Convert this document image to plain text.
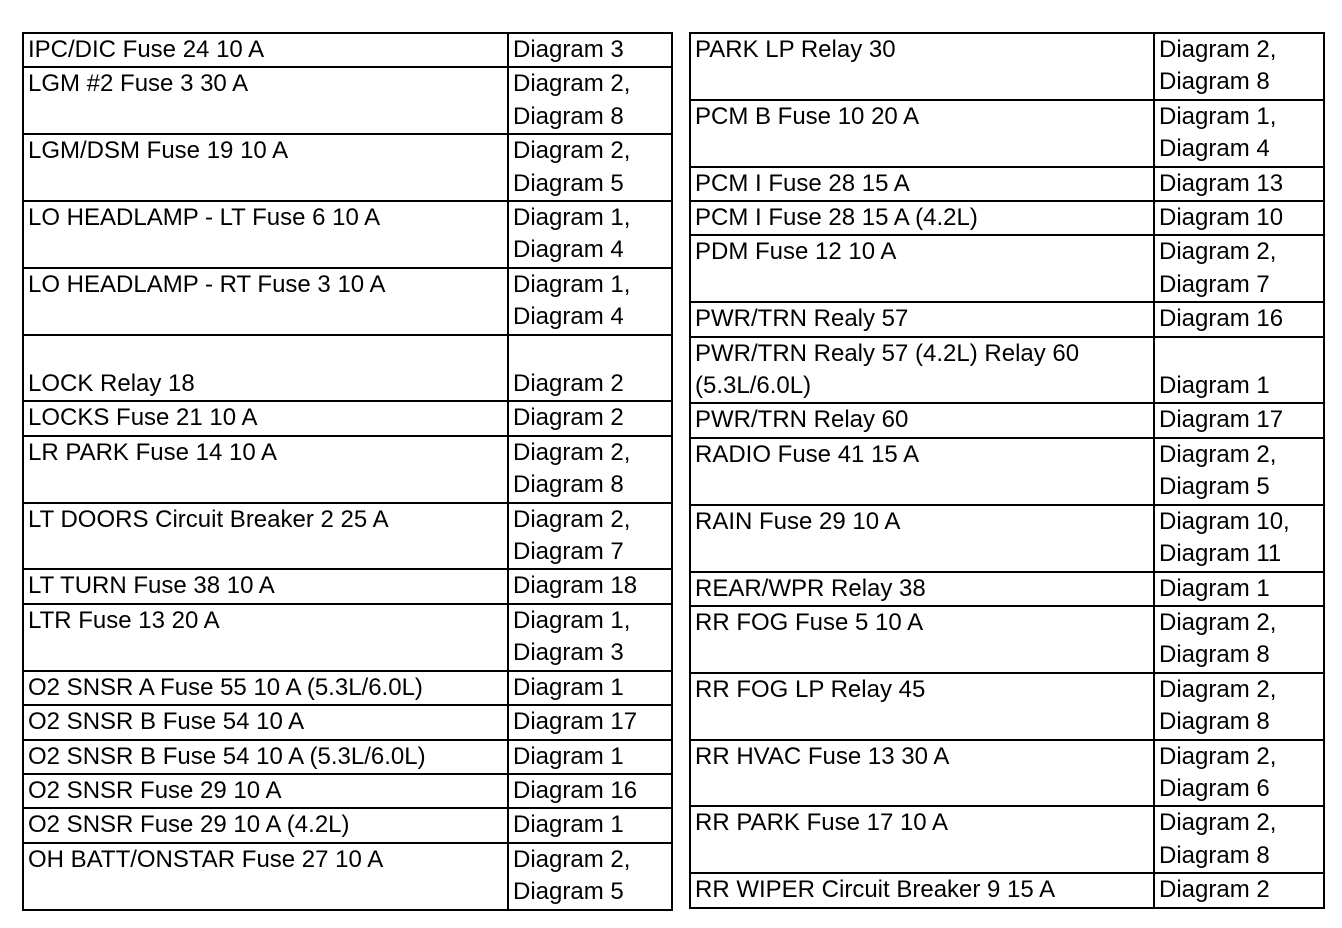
IPC/DIC Fuse 24 10 A	Diagram 3

LGM #2 Fuse 3 30 A	Diagram 2,
Diagram 8

LGM/DSM Fuse 19 10 A	Diagram 2,
Diagram 5

LO HEADLAMP - LT Fuse 6 10 A	Diagram 1,
Diagram 4

LO HEADLAMP - RT Fuse 3 10 A	Diagram 1,
Diagram 4

LOCK Relay 18	Diagram 2

LOCKS Fuse 21 10 A	Diagram 2

LR PARK Fuse 14 10 A	Diagram 2,
Diagram 8

LT DOORS Circuit Breaker 2 25 A	Diagram 2,
Diagram 7

LT TURN Fuse 38 10 A	Diagram 18

LTR Fuse 13 20 A	Diagram 1,
Diagram 3

O2 SNSR A Fuse 55 10 A (5.3L/6.0L)	Diagram 1

O2 SNSR B Fuse 54 10 A	Diagram 17

O2 SNSR B Fuse 54 10 A (5.3L/6.0L)	Diagram 1

O2 SNSR Fuse 29 10 A	Diagram 16

O2 SNSR Fuse 29 10 A (4.2L)	Diagram 1

OH BATT/ONSTAR Fuse 27 10 A	Diagram 2,
Diagram 5
PARK LP Relay 30	Diagram 2,
Diagram 8

PCM B Fuse 10 20 A	Diagram 1,
Diagram 4

PCM I Fuse 28 15 A	Diagram 13

PCM I Fuse 28 15 A (4.2L)	Diagram 10

PDM Fuse 12 10 A	Diagram 2,
Diagram 7

PWR/TRN Realy 57	Diagram 16

PWR/TRN Realy 57 (4.2L) Relay 60
(5.3L/6.0L)	Diagram 1

PWR/TRN Relay 60	Diagram 17

RADIO Fuse 41 15 A	Diagram 2,
Diagram 5

RAIN Fuse 29 10 A	Diagram 10,
Diagram 11

REAR/WPR Relay 38	Diagram 1

RR FOG Fuse 5 10 A	Diagram 2,
Diagram 8

RR FOG LP Relay 45	Diagram 2,
Diagram 8

RR HVAC Fuse 13 30 A	Diagram 2,
Diagram 6

RR PARK Fuse 17 10 A	Diagram 2,
Diagram 8

RR WIPER Circuit Breaker 9 15 A	Diagram 2
